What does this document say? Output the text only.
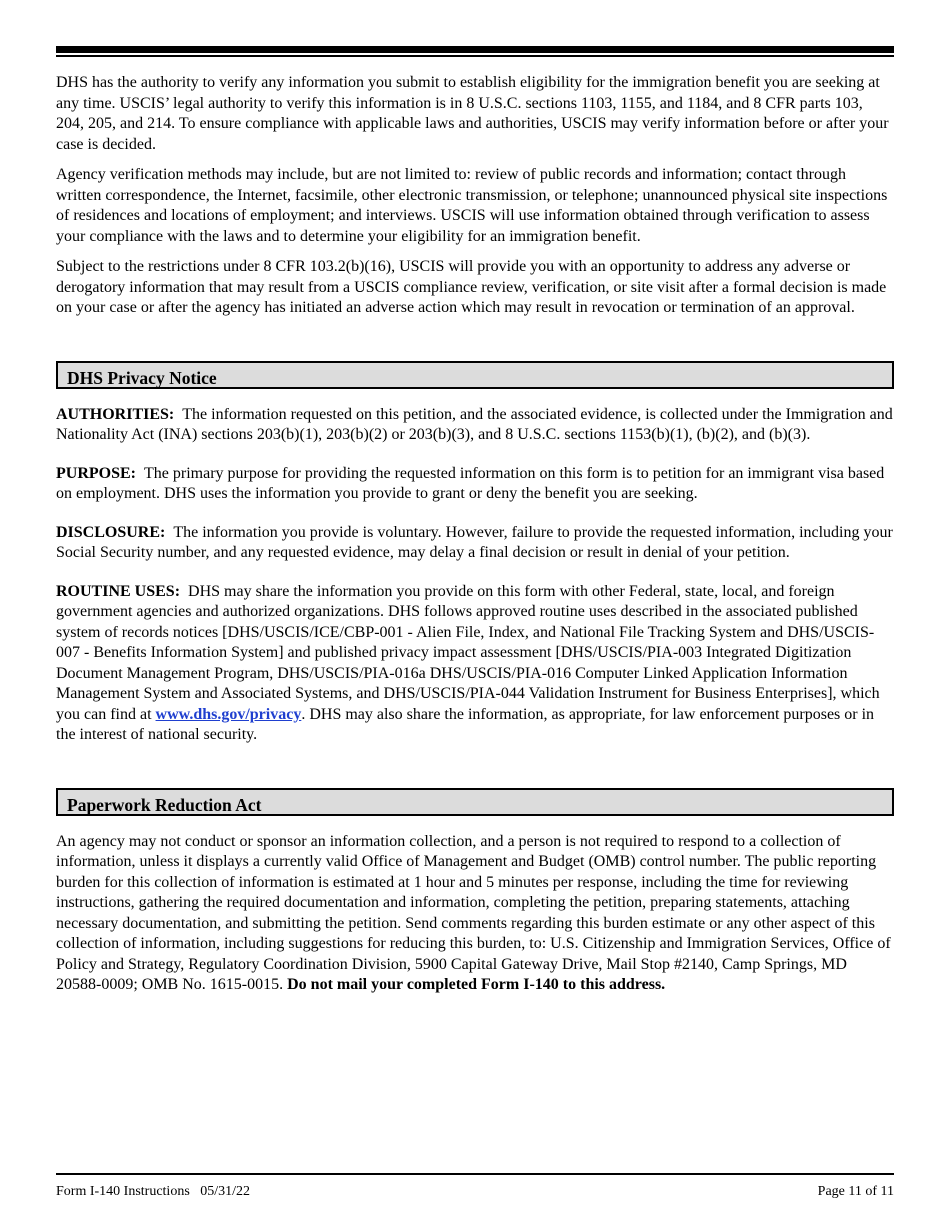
DHS has the authority to verify any information you submit to establish eligibility for the immigration benefit you are seeking at any time. USCIS’ legal authority to verify this information is in 8 U.S.C. sections 1103, 1155, and 1184, and 8 CFR parts 103, 204, 205, and 214. To ensure compliance with applicable laws and authorities, USCIS may verify information before or after your case is decided.

Agency verification methods may include, but are not limited to: review of public records and information; contact through written correspondence, the Internet, facsimile, other electronic transmission, or telephone; unannounced physical site inspections of residences and locations of employment; and interviews. USCIS will use information obtained through verification to assess your compliance with the laws and to determine your eligibility for an immigration benefit.

Subject to the restrictions under 8 CFR 103.2(b)(16), USCIS will provide you with an opportunity to address any adverse or derogatory information that may result from a USCIS compliance review, verification, or site visit after a formal decision is made on your case or after the agency has initiated an adverse action which may result in revocation or termination of an approval.

DHS Privacy Notice

AUTHORITIES: The information requested on this petition, and the associated evidence, is collected under the Immigration and Nationality Act (INA) sections 203(b)(1), 203(b)(2) or 203(b)(3), and 8 U.S.C. sections 1153(b)(1), (b)(2), and (b)(3).

PURPOSE: The primary purpose for providing the requested information on this form is to petition for an immigrant visa based on employment. DHS uses the information you provide to grant or deny the benefit you are seeking.

DISCLOSURE: The information you provide is voluntary. However, failure to provide the requested information, including your Social Security number, and any requested evidence, may delay a final decision or result in denial of your petition.

ROUTINE USES: DHS may share the information you provide on this form with other Federal, state, local, and foreign government agencies and authorized organizations. DHS follows approved routine uses described in the associated published system of records notices [DHS/USCIS/ICE/CBP-001 - Alien File, Index, and National File Tracking System and DHS/USCIS-007 - Benefits Information System] and published privacy impact assessment [DHS/USCIS/PIA-003 Integrated Digitization Document Management Program, DHS/USCIS/PIA-016a DHS/USCIS/PIA-016 Computer Linked Application Information Management System and Associated Systems, and DHS/USCIS/PIA-044 Validation Instrument for Business Enterprises], which you can find at www.dhs.gov/privacy. DHS may also share the information, as appropriate, for law enforcement purposes or in the interest of national security.

Paperwork Reduction Act

An agency may not conduct or sponsor an information collection, and a person is not required to respond to a collection of information, unless it displays a currently valid Office of Management and Budget (OMB) control number. The public reporting burden for this collection of information is estimated at 1 hour and 5 minutes per response, including the time for reviewing instructions, gathering the required documentation and information, completing the petition, preparing statements, attaching necessary documentation, and submitting the petition. Send comments regarding this burden estimate or any other aspect of this collection of information, including suggestions for reducing this burden, to: U.S. Citizenship and Immigration Services, Office of Policy and Strategy, Regulatory Coordination Division, 5900 Capital Gateway Drive, Mail Stop #2140, Camp Springs, MD 20588-0009; OMB No. 1615-0015. Do not mail your completed Form I-140 to this address.

Form I-140 Instructions   05/31/22	Page 11 of 11
